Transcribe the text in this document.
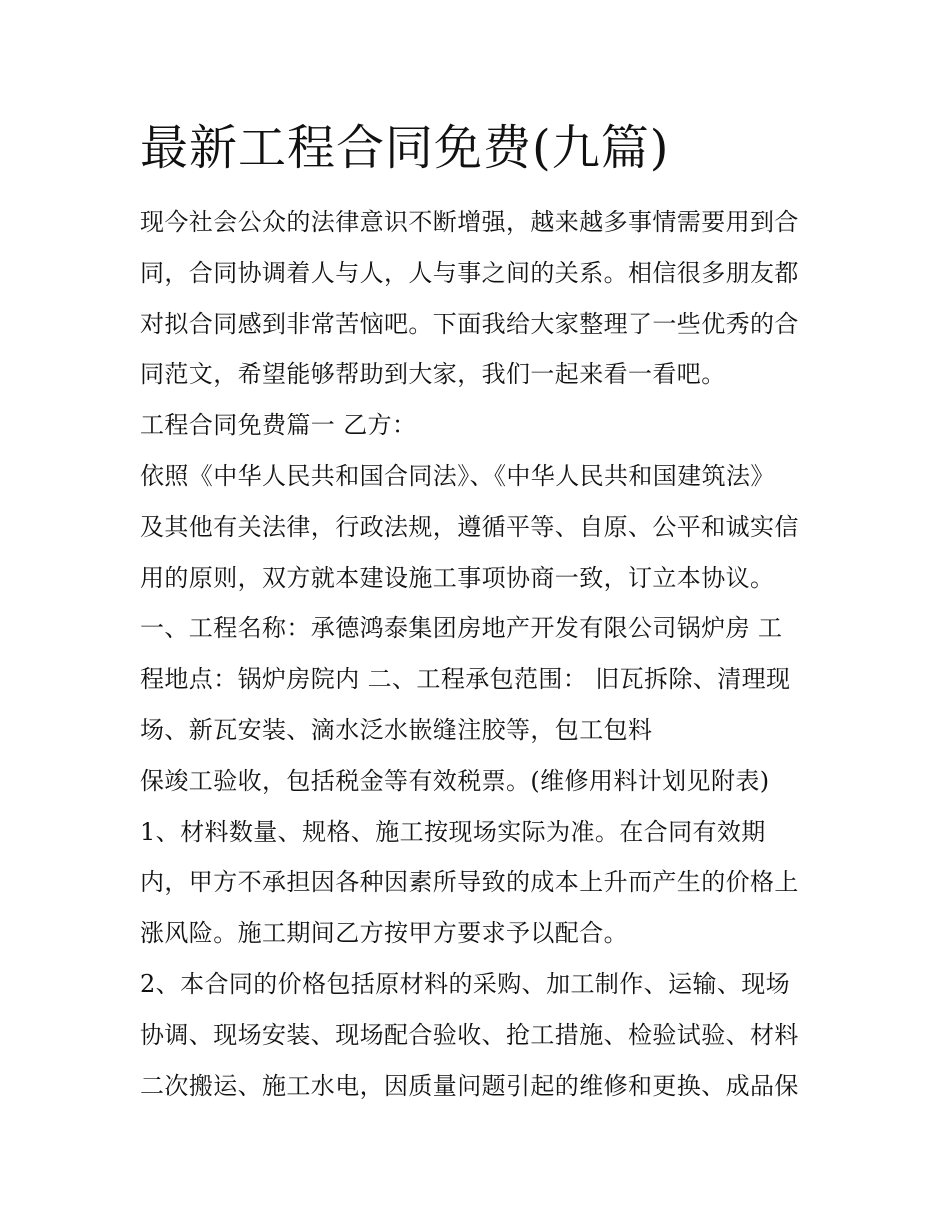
最新工程合同免费(九篇)
现今社会公众的法律意识不断增强，越来越多事情需要用到合
同，合同协调着人与人，人与事之间的关系。相信很多朋友都
对拟合同感到非常苦恼吧。下面我给大家整理了一些优秀的合
同范文，希望能够帮助到大家，我们一起来看一看吧。
工程合同免费篇一 乙方：
依照《中华人民共和国合同法》、《中华人民共和国建筑法》
及其他有关法律，行政法规，遵循平等、自原、公平和诚实信
用的原则，双方就本建设施工事项协商一致，订立本协议。
一、工程名称：承德鸿泰集团房地产开发有限公司锅炉房 工
程地点：锅炉房院内 二、工程承包范围： 旧瓦拆除、清理现
场、新瓦安装、滴水泛水嵌缝注胶等，包工包料
保竣工验收，包括税金等有效税票。(维修用料计划见附表)
1、材料数量、规格、施工按现场实际为准。在合同有效期
内，甲方不承担因各种因素所导致的成本上升而产生的价格上
涨风险。施工期间乙方按甲方要求予以配合。
2、本合同的价格包括原材料的采购、加工制作、运输、现场
协调、现场安装、现场配合验收、抢工措施、检验试验、材料
二次搬运、施工水电，因质量问题引起的维修和更换、成品保
